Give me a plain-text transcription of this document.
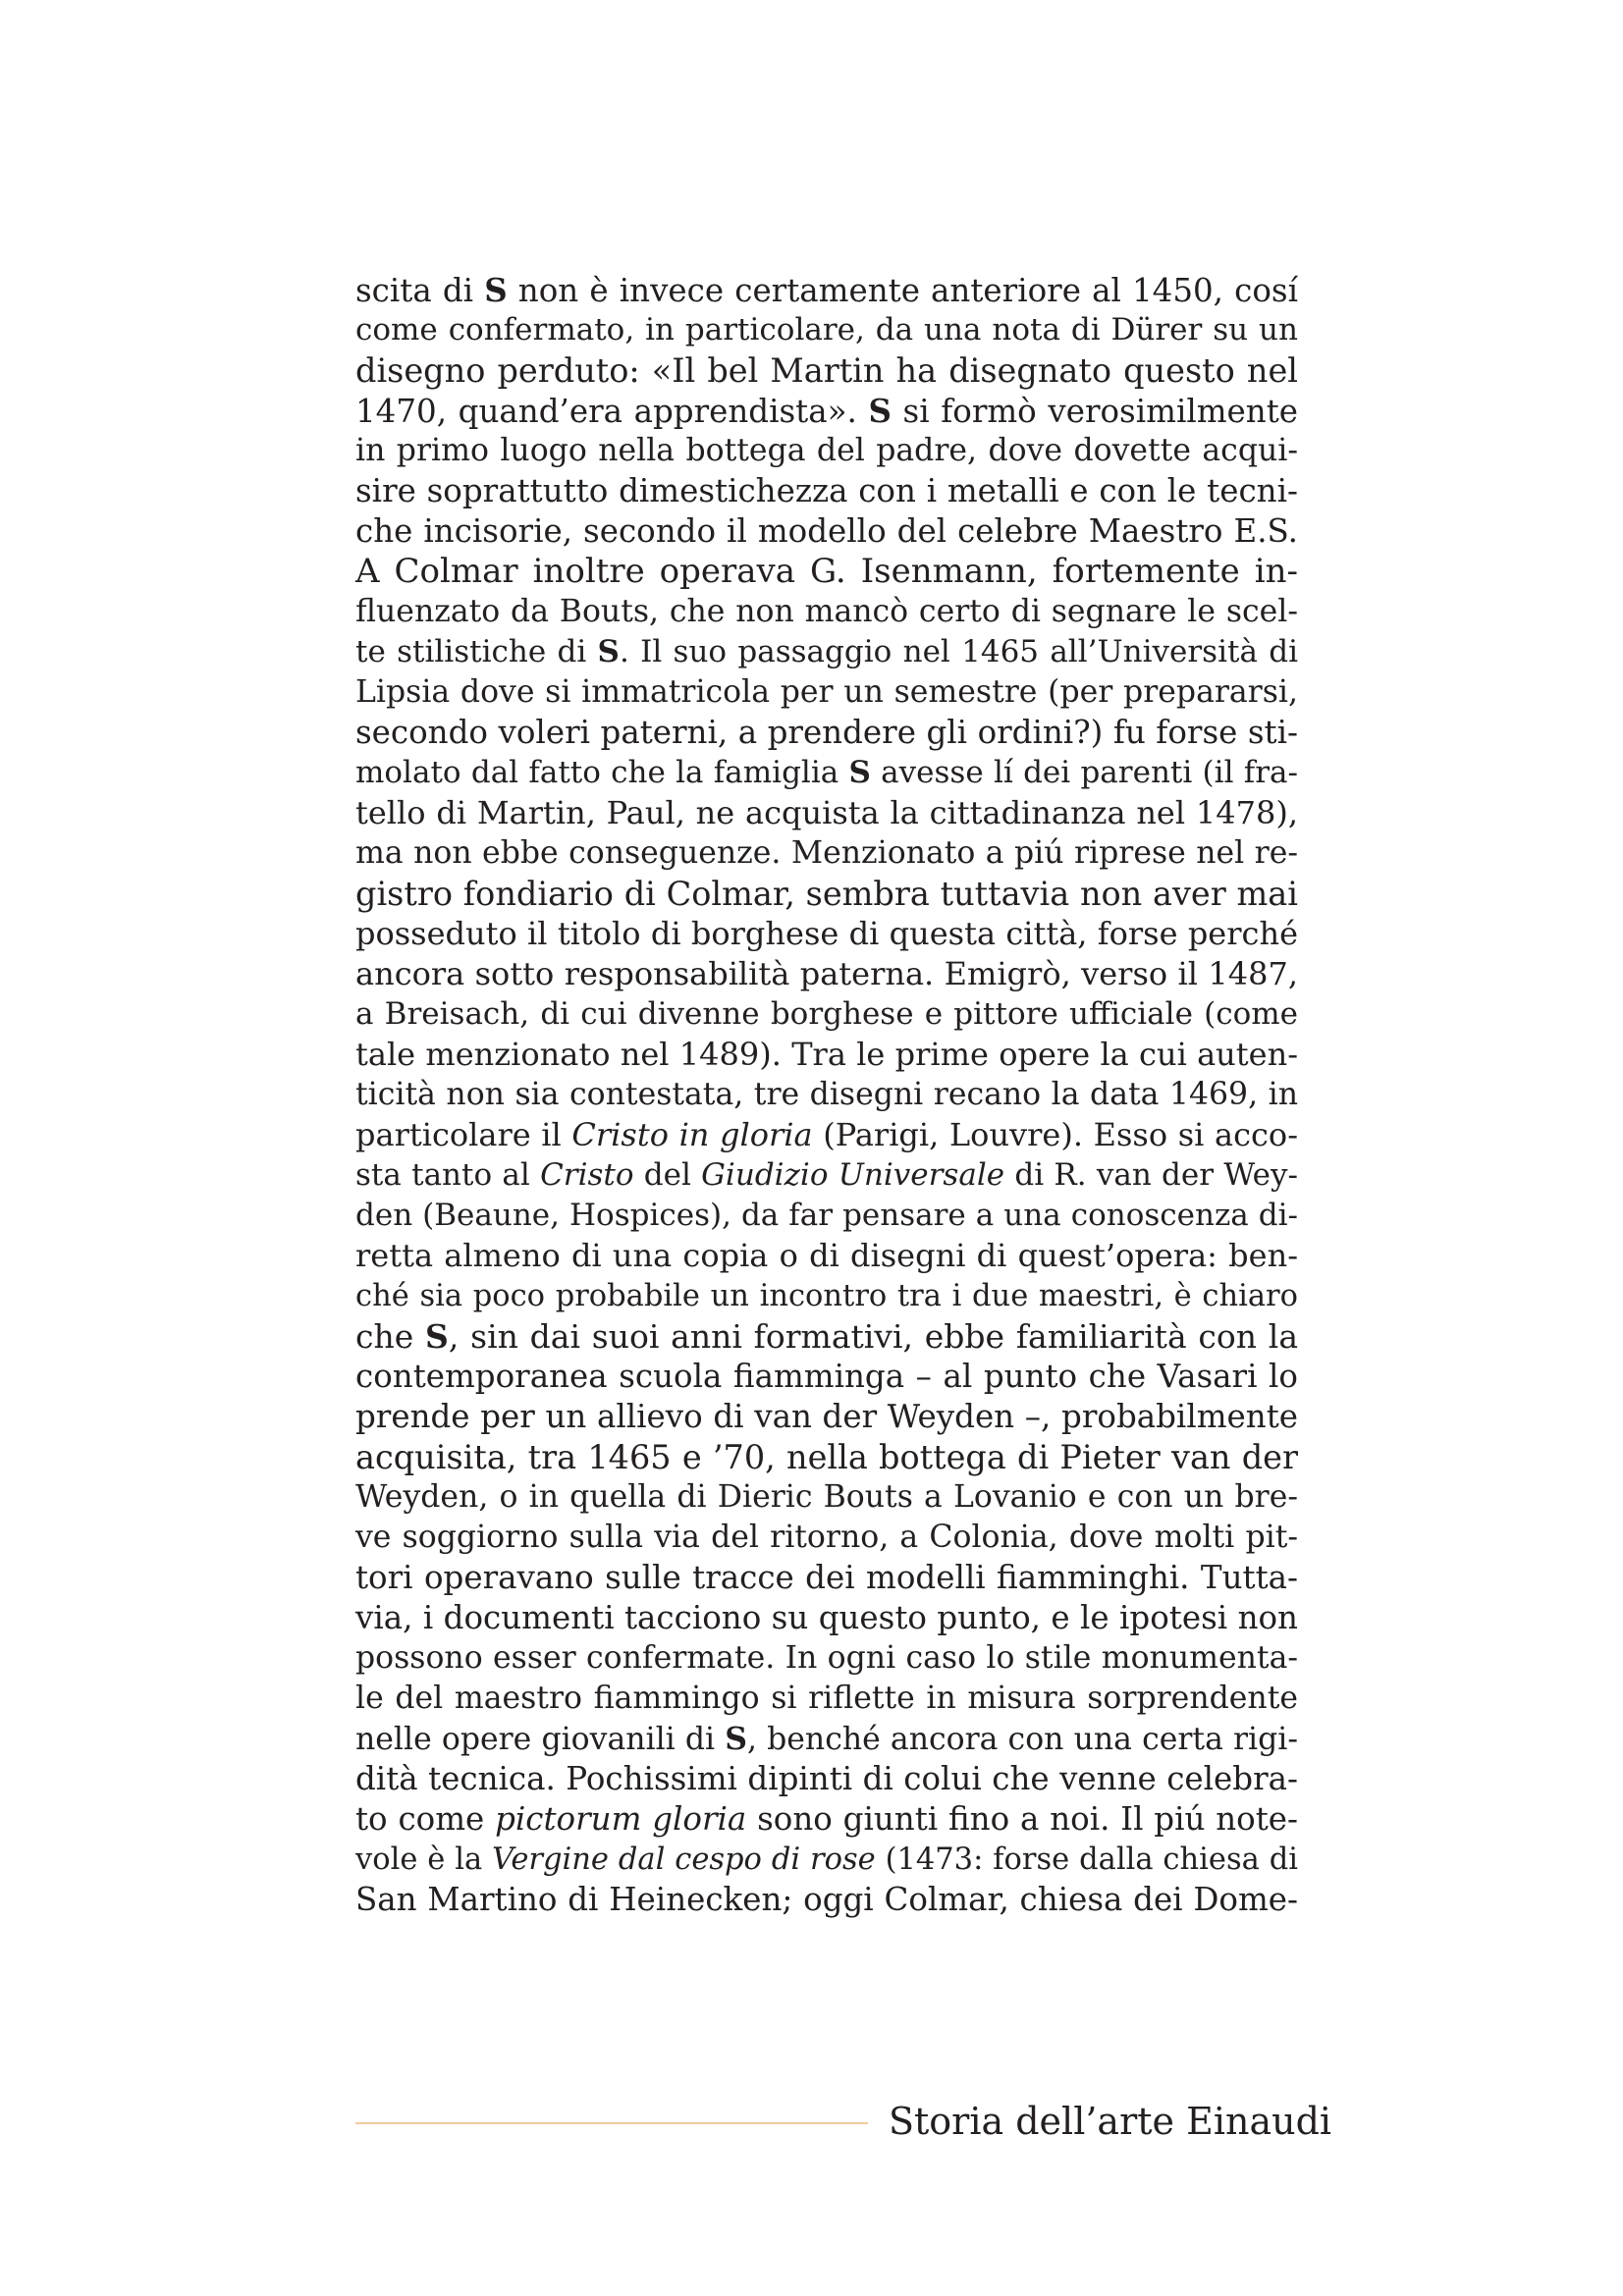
scita di S non è invece certamente anteriore al 1450, cosí
come confermato, in particolare, da una nota di Dürer su un
disegno perduto: «Il bel Martin ha disegnato questo nel
1470, quand’era apprendista». S si formò verosimilmente
in primo luogo nella bottega del padre, dove dovette acqui-
sire soprattutto dimestichezza con i metalli e con le tecni-
che incisorie, secondo il modello del celebre Maestro E.S.
A Colmar inoltre operava G. Isenmann, fortemente in-
fluenzato da Bouts, che non mancò certo di segnare le scel-
te stilistiche di S. Il suo passaggio nel 1465 all’Università di
Lipsia dove si immatricola per un semestre (per prepararsi,
secondo voleri paterni, a prendere gli ordini?) fu forse sti-
molato dal fatto che la famiglia S avesse lí dei parenti (il fra-
tello di Martin, Paul, ne acquista la cittadinanza nel 1478),
ma non ebbe conseguenze. Menzionato a piú riprese nel re-
gistro fondiario di Colmar, sembra tuttavia non aver mai
posseduto il titolo di borghese di questa città, forse perché
ancora sotto responsabilità paterna. Emigrò, verso il 1487,
a Breisach, di cui divenne borghese e pittore ufficiale (come
tale menzionato nel 1489). Tra le prime opere la cui auten-
ticità non sia contestata, tre disegni recano la data 1469, in
particolare il Cristo in gloria (Parigi, Louvre). Esso si acco-
sta tanto al Cristo del Giudizio Universale di R. van der Wey-
den (Beaune, Hospices), da far pensare a una conoscenza di-
retta almeno di una copia o di disegni di quest’opera: ben-
ché sia poco probabile un incontro tra i due maestri, è chiaro
che S, sin dai suoi anni formativi, ebbe familiarità con la
contemporanea scuola fiamminga – al punto che Vasari lo
prende per un allievo di van der Weyden –, probabilmente
acquisita, tra 1465 e ’70, nella bottega di Pieter van der
Weyden, o in quella di Dieric Bouts a Lovanio e con un bre-
ve soggiorno sulla via del ritorno, a Colonia, dove molti pit-
tori operavano sulle tracce dei modelli fiamminghi. Tutta-
via, i documenti tacciono su questo punto, e le ipotesi non
possono esser confermate. In ogni caso lo stile monumenta-
le del maestro fiammingo si riflette in misura sorprendente
nelle opere giovanili di S, benché ancora con una certa rigi-
dità tecnica. Pochissimi dipinti di colui che venne celebra-
to come pictorum gloria sono giunti fino a noi. Il piú note-
vole è la Vergine dal cespo di rose (1473: forse dalla chiesa di
San Martino di Heinecken; oggi Colmar, chiesa dei Dome-
Storia dell’arte Einaudi
